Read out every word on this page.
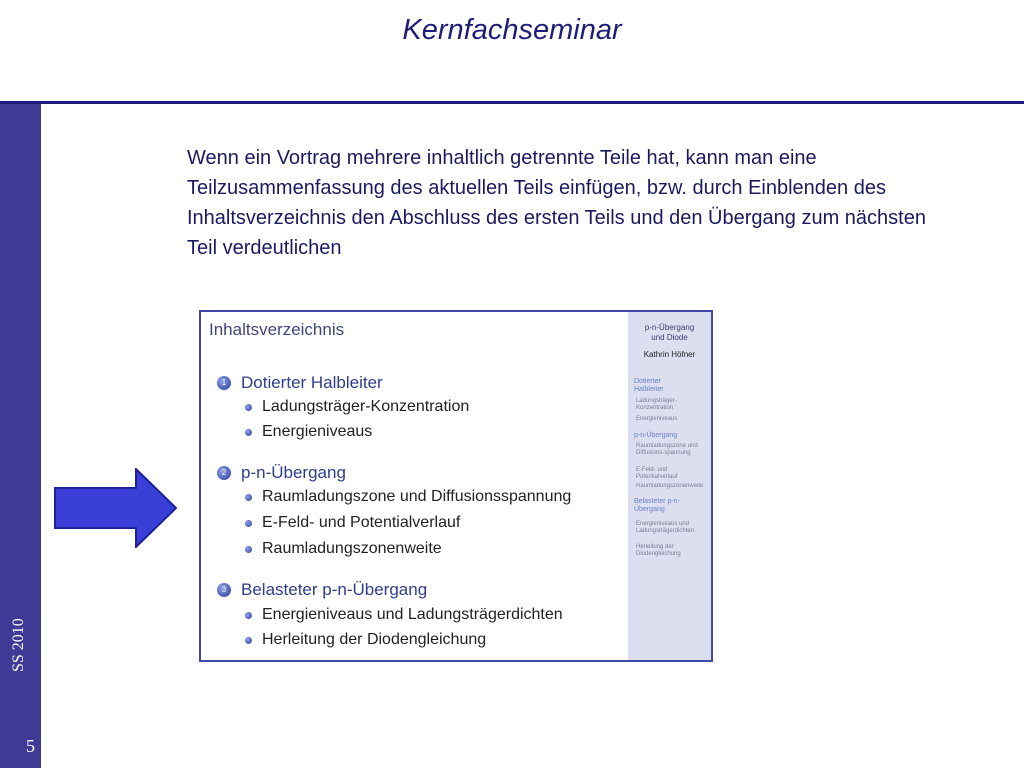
Kernfachseminar
SS 2010
5
Wenn ein Vortrag mehrere inhaltlich getrennte Teile hat, kann man eine Teilzusammenfassung des aktuellen Teils einfügen, bzw. durch Einblenden des Inhaltsverzeichnis den Abschluss des ersten Teils und den Übergang zum nächsten Teil verdeutlichen
Inhaltsverzeichnis
1 Dotierter Halbleiter
Ladungsträger-Konzentration
Energieniveaus
2 p-n-Übergang
Raumladungszone und Diffusionsspannung
E-Feld- und Potentialverlauf
Raumladungszonenweite
3 Belasteter p-n-Übergang
Energieniveaus und Ladungsträgerdichten
Herleitung der Diodengleichung
p-n-Übergang
und Diode
Kathrin Höfner
Dotierter Halbleiter
Ladungsträger-Konzentration
Energieniveaus
p-n-Übergang
Raumladungszone und Diffusions-spannung
E-Feld- und Potentialverlauf
Raumladungszonenweite
Belasteter p-n-Übergang
Energieniveaus und Ladungsträgerdichten
Herleitung der Diodengleichung
